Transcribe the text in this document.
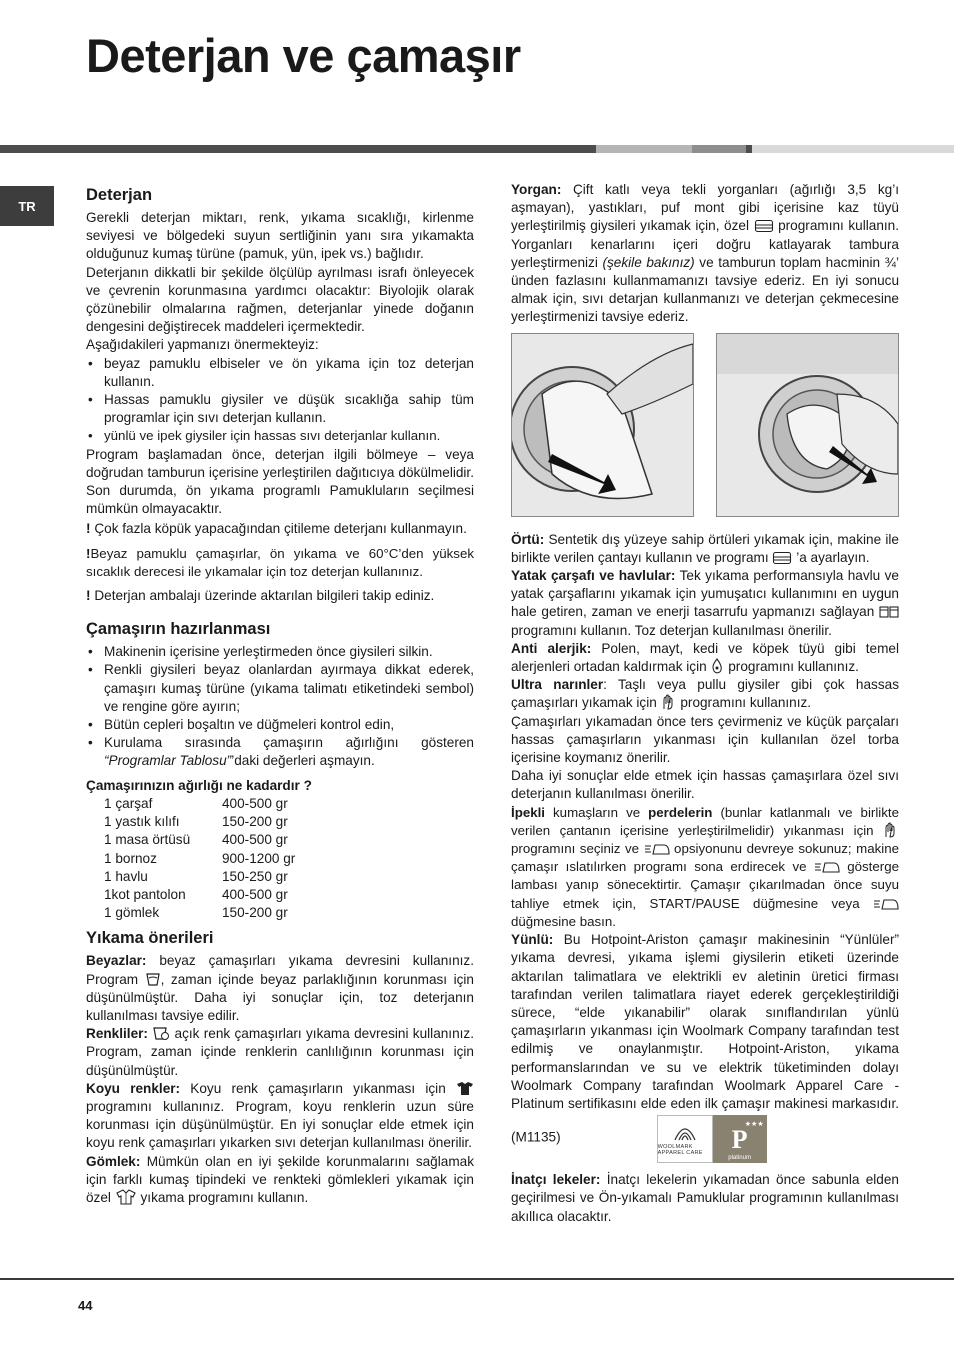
Deterjan ve çamaşır
TR
Deterjan

Gerekli deterjan miktarı, renk, yıkama sıcaklığı, kirlenme seviyesi ve bölgedeki suyun sertliğinin yanı sıra yıkamakta olduğunuz kumaş türüne (pamuk, yün, ipek vs.) bağlıdır.

Deterjanın dikkatli bir şekilde ölçülüp ayrılması israfı önleyecek ve çevrenin korunmasına yardımcı olacaktır: Biyolojik olarak çözünebilir olmalarına rağmen, deterjanlar yinede doğanın dengesini değiştirecek maddeleri içermektedir.

Aşağıdakileri yapmanızı önermekteyiz:

• beyaz pamuklu elbiseler ve ön yıkama için toz deterjan kullanın.
• Hassas pamuklu giysiler ve düşük sıcaklığa sahip tüm programlar için sıvı deterjan kullanın.
• yünlü ve ipek giysiler için hassas sıvı deterjanlar kullanın.

Program başlamadan önce, deterjan ilgili bölmeye – veya doğrudan tamburun içerisine yerleştirilen dağıtıcıya dökülmelidir. Son durumda, ön yıkama programlı Pamukluların seçilmesi mümkün olmayacaktır.

! Çok fazla köpük yapacağından çitileme deterjanı kullanmayın.

!Beyaz pamuklu çamaşırlar, ön yıkama ve 60°C’den yüksek sıcaklık derecesi ile yıkamalar için toz deterjan kullanınız.

! Deterjan ambalajı üzerinde aktarılan bilgileri takip ediniz.

Çamaşırın hazırlanması
• Makinenin içerisine yerleştirmeden önce giysileri silkin.
• Renkli giysileri beyaz olanlardan ayırmaya dikkat ederek, çamaşırı kumaş türüne (yıkama talimatı etiketindeki sembol) ve rengine göre ayırın;
• Bütün cepleri boşaltın ve düğmeleri kontrol edin,
• Kurulama sırasında çamaşırın ağırlığını gösteren “Programlar Tablosu”’daki değerleri aşmayın.
Çamaşırınızın ağırlığı ne kadardır ?
1 çarşaf	400-500 gr
1 yastık kılıfı	150-200 gr
1 masa örtüsü	400-500 gr
1 bornoz	900-1200 gr
1 havlu	150-250 gr
1kot pantolon	400-500 gr
1 gömlek	150-200 gr
Yıkama önerileri

Beyazlar: beyaz çamaşırları yıkama devresini kullanınız. Program , zaman içinde beyaz parlaklığının korunması için düşünülmüştür. Daha iyi sonuçlar için, toz deterjanın kullanılması tavsiye edilir.

Renkliler:  açık renk çamaşırları yıkama devresini kullanınız. Program, zaman içinde renklerin canlılığının korunması için düşünülmüştür.

Koyu renkler: Koyu renk çamaşırların yıkanması için  programını kullanınız. Program, koyu renklerin uzun süre korunması için düşünülmüştür. En iyi sonuçlar elde etmek için koyu renk çamaşırları yıkarken sıvı deterjan kullanılması önerilir.

Gömlek: Mümkün olan en iyi şekilde korunmalarını sağlamak için farklı kumaş tipindeki ve renkteki gömlekleri yıkamak için özel  yıkama programını kullanın.

Yorgan: Çift katlı veya tekli yorganları (ağırlığı 3,5 kg’ı aşmayan), yastıkları, puf mont gibi içerisine kaz tüyü yerleştirilmiş giysileri yıkamak için, özel  programını kullanın. Yorganları kenarlarını içeri doğru katlayarak tambura yerleştirmenizi (şekile bakınız) ve tamburun toplam hacminin ¾’ ünden fazlasını kullanmamanızı tavsiye ederiz. En iyi sonucu almak için, sıvı detarjan kullanmanızı ve deterjan çekmecesine yerleştirmenizi tavsiye ederiz.

Örtü: Sentetik dış yüzeye sahip örtüleri yıkamak için, makine ile birlikte verilen çantayı kullanın ve programı  ’a ayarlayın.

Yatak çarşafı ve havlular: Tek yıkama performansıyla havlu ve yatak çarşaflarını yıkamak için yumuşatıcı kullanımını en uygun hale getiren, zaman ve enerji tasarrufu yapmanızı sağlayan  programını kullanın. Toz deterjan kullanılması önerilir.

Anti alerjik: Polen, mayt, kedi ve köpek tüyü gibi temel alerjenleri ortadan kaldırmak için  programını kullanınız.

Ultra narınler: Taşlı veya pullu giysiler gibi çok hassas çamaşırları yıkamak için  programını kullanınız.

Çamaşırları yıkamadan önce ters çevirmeniz ve küçük parçaları hassas çamaşırların yıkanması için kullanılan özel torba içerisine koymanız önerilir.

Daha iyi sonuçlar elde etmek için hassas çamaşırlara özel sıvı deterjanın kullanılması önerilir.

İpekli kumaşların ve perdelerin (bunlar katlanmalı ve birlikte verilen çantanın içerisine yerleştirilmelidir) yıkanması için  programını seçiniz ve  opsiyonunu devreye sokunuz; makine çamaşır ıslatılırken programı sona erdirecek ve  gösterge lambası yanıp sönecektirtir. Çamaşır çıkarılmadan önce suyu tahliye etmek için, START/PAUSE düğmesine veya  düğmesine basın.

Yünlü: Bu Hotpoint-Ariston çamaşır makinesinin “Yünlüler” yıkama devresi, yıkama işlemi giysilerin etiketi üzerinde aktarılan talimatlara ve elektrikli ev aletinin üretici firması tarafından verilen talimatlara riayet ederek gerçekleştirildiği sürece, “elde yıkanabilir” olarak sınıflandırılan yünlü çamaşırların yıkanması için Woolmark Company tarafından test edilmiş ve onaylanmıştır. Hotpoint-Ariston, yıkama performanslarından ve su ve elektrik tüketiminden dolayı Woolmark Company tarafından Woolmark Apparel Care - Platinum sertifikasını elde eden ilk çamaşır makinesi markasıdır. (M1135)
WOOLMARK APPAREL CARE
★★★
P
platinum

İnatçı lekeler: İnatçı lekelerin yıkamadan önce sabunla elden geçirilmesi ve Ön-yıkamalı Pamuklular programının kullanılması akıllıca olacaktır.

44
